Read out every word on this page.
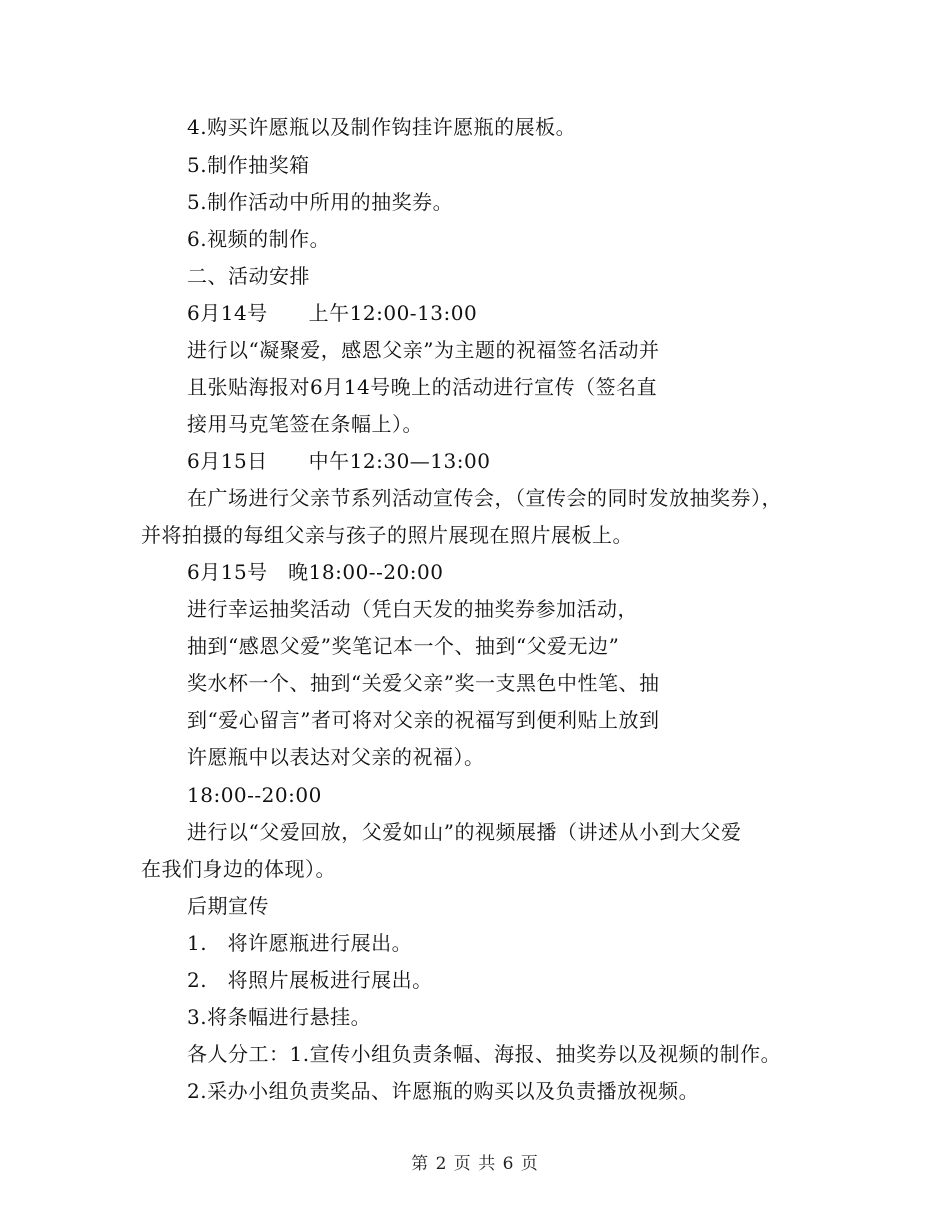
4.购买许愿瓶以及制作钩挂许愿瓶的展板。
5.制作抽奖箱
5.制作活动中所用的抽奖券。
6.视频的制作。
二、活动安排
6月14号　　上午12:00-13:00
进行以“凝聚爱，感恩父亲”为主题的祝福签名活动并
且张贴海报对6月14号晚上的活动进行宣传（签名直
接用马克笔签在条幅上）。
6月15日　　中午12:30—13:00
在广场进行父亲节系列活动宣传会，（宣传会的同时发放抽奖券），
并将拍摄的每组父亲与孩子的照片展现在照片展板上。
6月15号　晚18:00--20:00
进行幸运抽奖活动（凭白天发的抽奖券参加活动，
抽到“感恩父爱”奖笔记本一个、抽到“父爱无边”
奖水杯一个、抽到“关爱父亲”奖一支黑色中性笔、抽
到“爱心留言”者可将对父亲的祝福写到便利贴上放到
许愿瓶中以表达对父亲的祝福）。
18:00--20:00
进行以“父爱回放，父爱如山”的视频展播（讲述从小到大父爱
在我们身边的体现）。
后期宣传
1.　将许愿瓶进行展出。
2.　将照片展板进行展出。
3.将条幅进行悬挂。
各人分工：1.宣传小组负责条幅、海报、抽奖券以及视频的制作。
2.采办小组负责奖品、许愿瓶的购买以及负责播放视频。
第 2 页 共 6 页
